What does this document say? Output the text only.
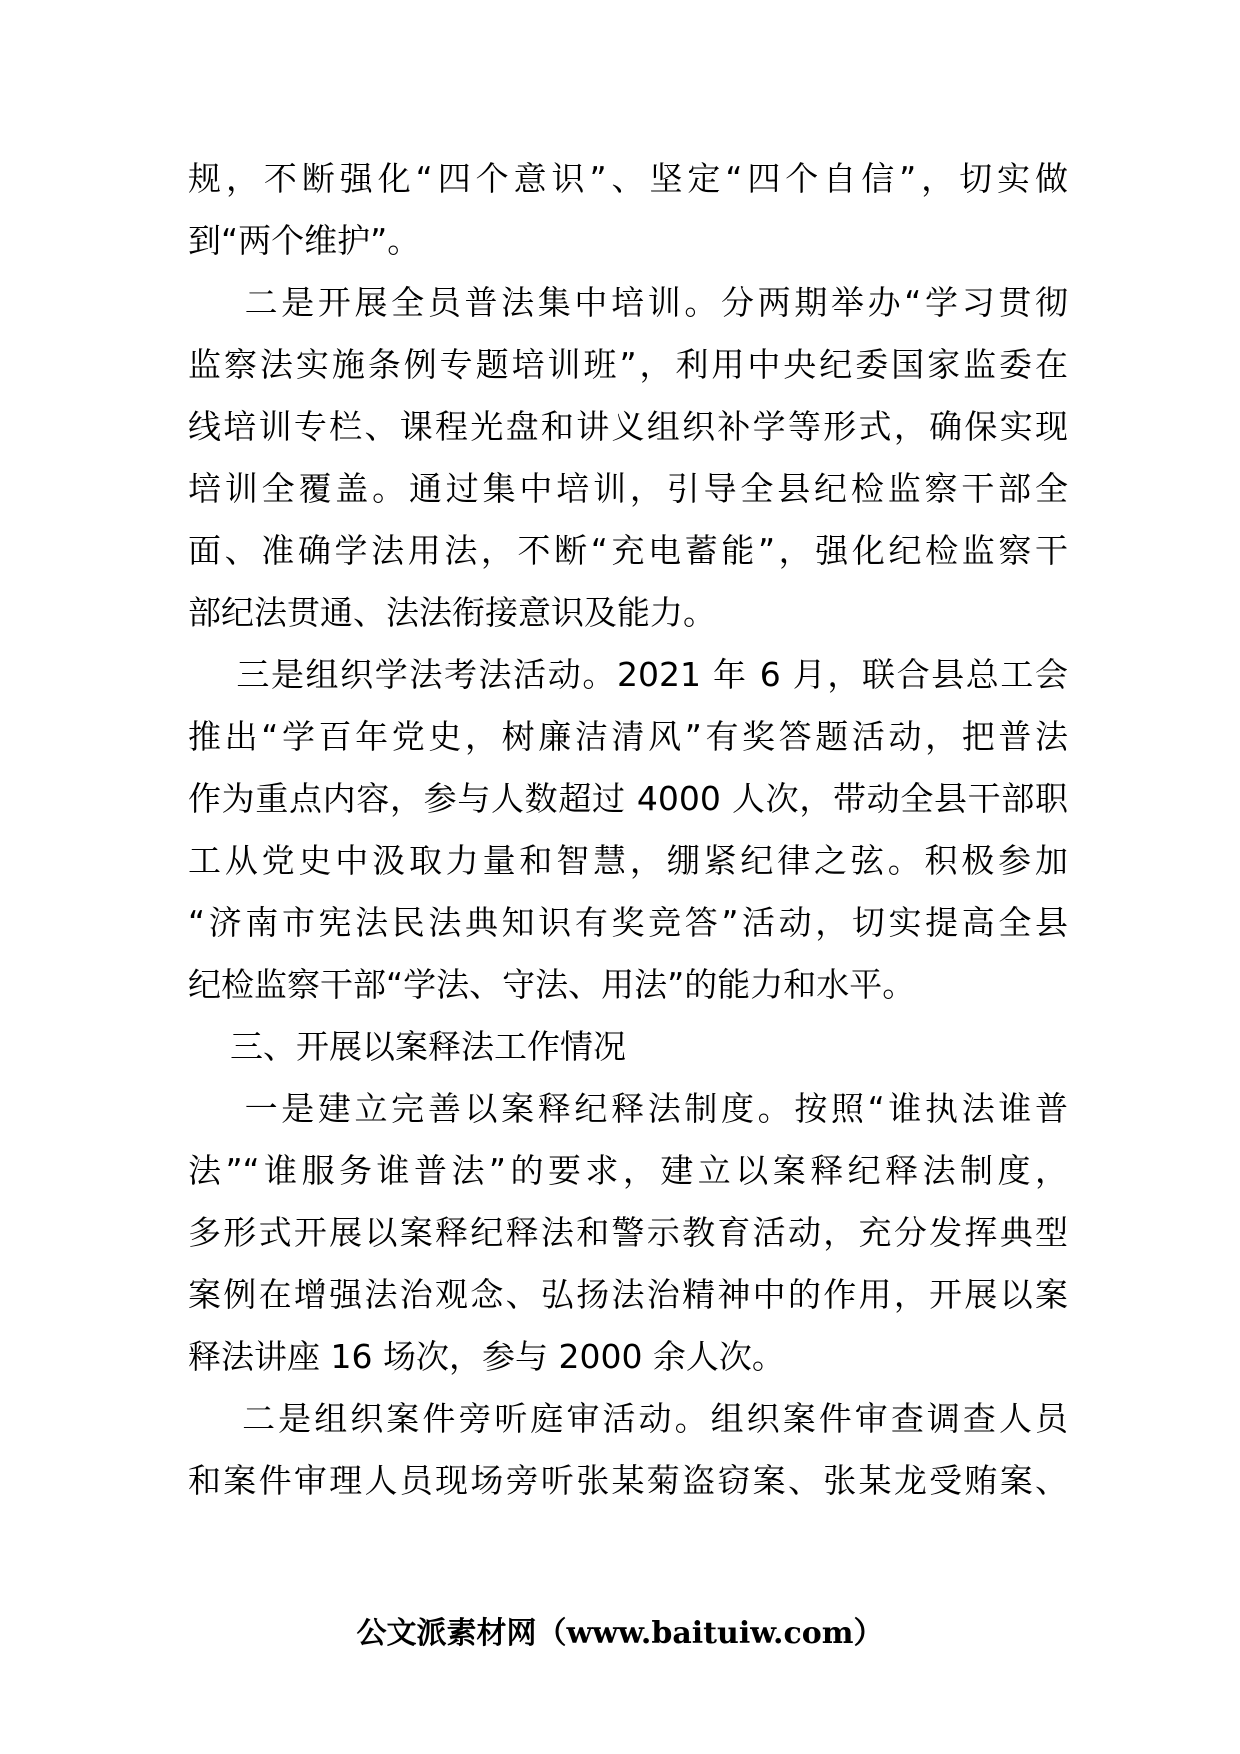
规，不断强化“四个意识”、坚定“四个自信”，切实做

到“两个维护”。

二是开展全员普法集中培训。分两期举办“学习贯彻

监察法实施条例专题培训班”，利用中央纪委国家监委在

线培训专栏、课程光盘和讲义组织补学等形式，确保实现

培训全覆盖。通过集中培训，引导全县纪检监察干部全

面、准确学法用法，不断“充电蓄能”，强化纪检监察干

部纪法贯通、法法衔接意识及能力。

三是组织学法考法活动。2021 年 6 月，联合县总工会

推出“学百年党史，树廉洁清风”有奖答题活动，把普法

作为重点内容，参与人数超过 4000 人次，带动全县干部职

工从党史中汲取力量和智慧，绷紧纪律之弦。积极参加

“济南市宪法民法典知识有奖竞答”活动，切实提高全县

纪检监察干部“学法、守法、用法”的能力和水平。

三、开展以案释法工作情况

一是建立完善以案释纪释法制度。按照“谁执法谁普

法”“谁服务谁普法”的要求，建立以案释纪释法制度，

多形式开展以案释纪释法和警示教育活动，充分发挥典型

案例在增强法治观念、弘扬法治精神中的作用，开展以案

释法讲座 16 场次，参与 2000 余人次。

二是组织案件旁听庭审活动。组织案件审查调查人员

和案件审理人员现场旁听张某菊盗窃案、张某龙受贿案、

公文派素材网（www.baituiw.com）
